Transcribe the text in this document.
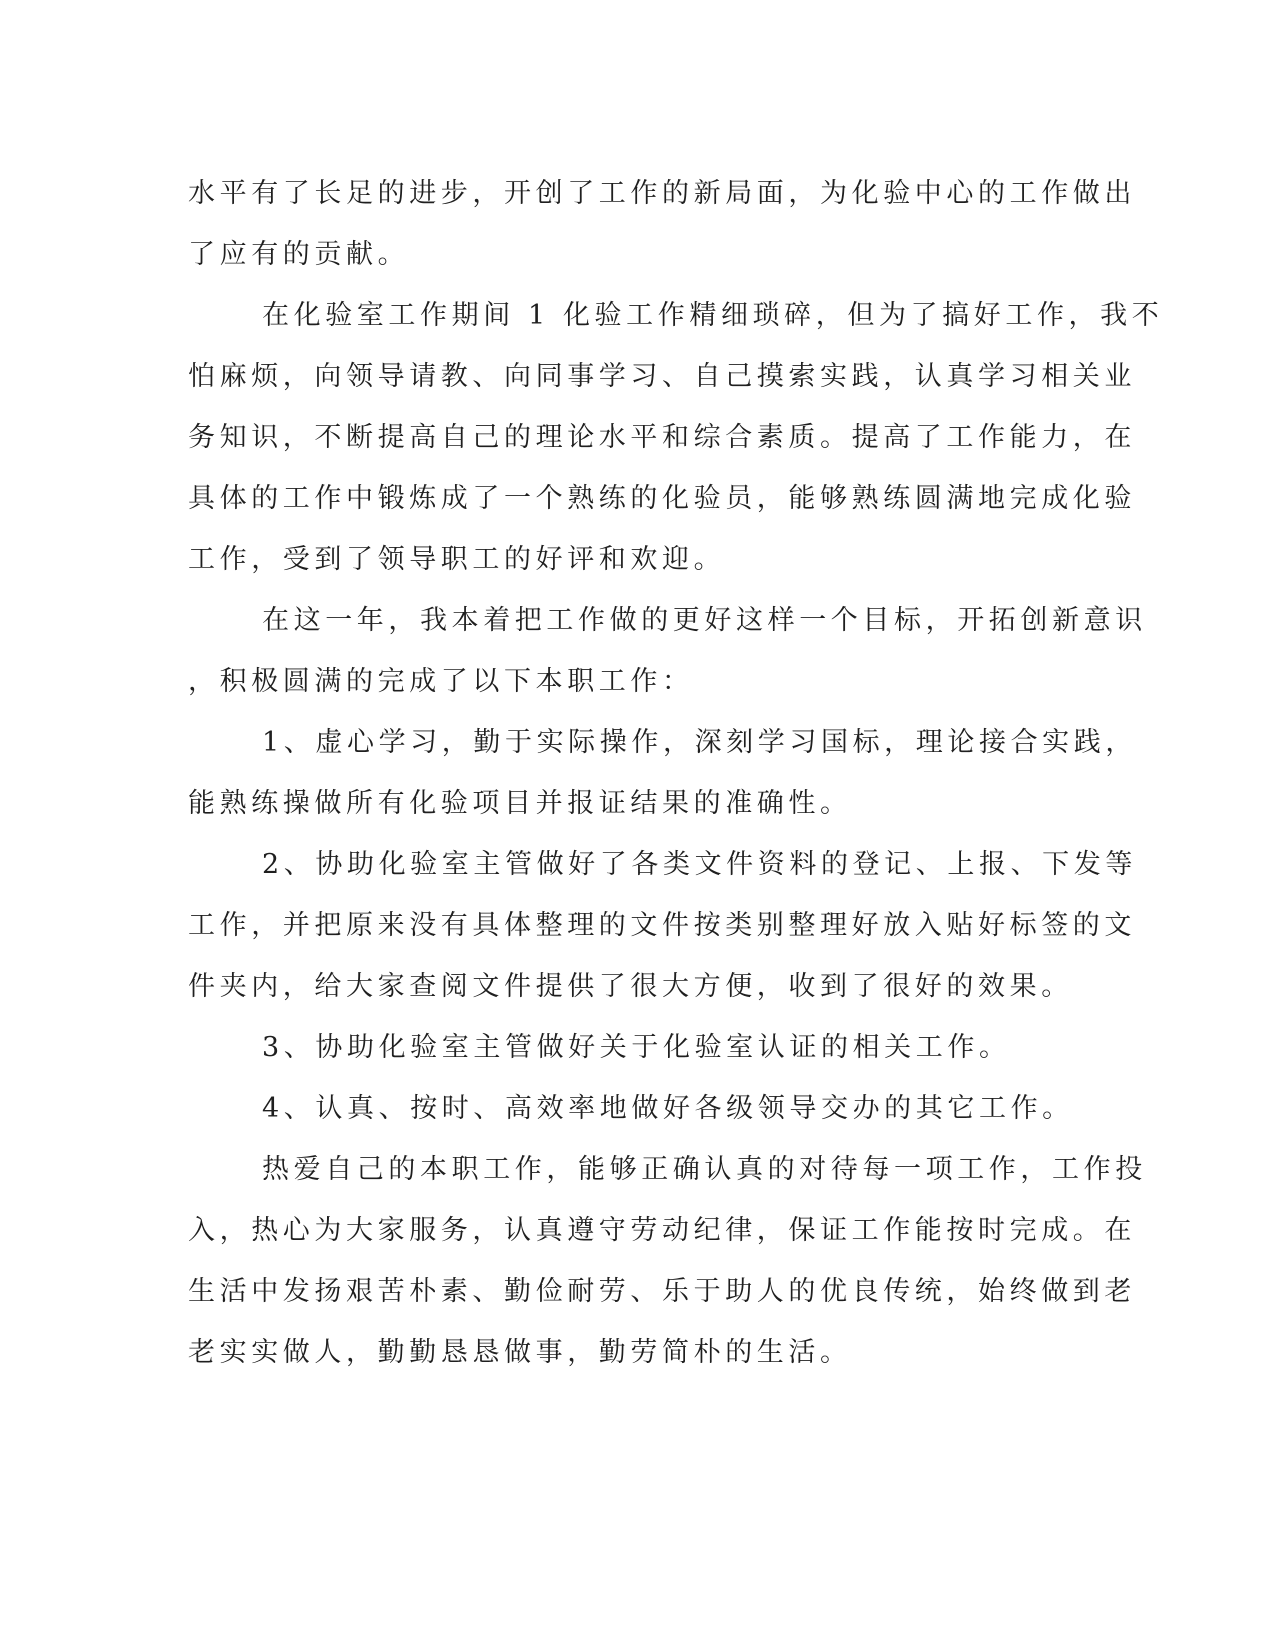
水平有了长足的进步，开创了工作的新局面，为化验中心的工作做出
了应有的贡献。
在化验室工作期间 1 化验工作精细琐碎，但为了搞好工作，我不
怕麻烦，向领导请教、向同事学习、自己摸索实践，认真学习相关业
务知识，不断提高自己的理论水平和综合素质。提高了工作能力，在
具体的工作中锻炼成了一个熟练的化验员，能够熟练圆满地完成化验
工作，受到了领导职工的好评和欢迎。
在这一年，我本着把工作做的更好这样一个目标，开拓创新意识
，积极圆满的完成了以下本职工作：
1、虚心学习，勤于实际操作，深刻学习国标，理论接合实践，
能熟练操做所有化验项目并报证结果的准确性。
2、协助化验室主管做好了各类文件资料的登记、上报、下发等
工作，并把原来没有具体整理的文件按类别整理好放入贴好标签的文
件夹内，给大家查阅文件提供了很大方便，收到了很好的效果。
3、协助化验室主管做好关于化验室认证的相关工作。
4、认真、按时、高效率地做好各级领导交办的其它工作。
热爱自己的本职工作，能够正确认真的对待每一项工作，工作投
入，热心为大家服务，认真遵守劳动纪律，保证工作能按时完成。在
生活中发扬艰苦朴素、勤俭耐劳、乐于助人的优良传统，始终做到老
老实实做人，勤勤恳恳做事，勤劳简朴的生活。
